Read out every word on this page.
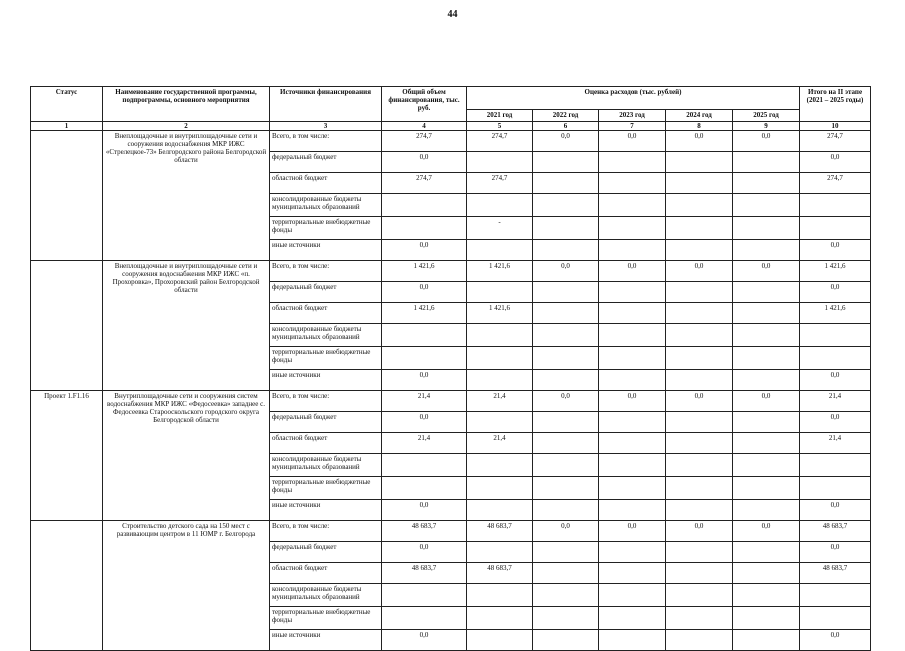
44
Статус	Наименование государственной программы, подпрограммы, основного мероприятия	Источники финансирования	Общий объем финансирования, тыс. руб.	Оценка расходов (тыс. рублей)					Итого на II этапе (2021 – 2025 годы)
				2021 год	2022 год	2023 год	2024 год	2025 год	
1	2	3	4	5	6	7	8	9	10
	Внеплощадочные и внутриплощадочные сети и сооружения водоснабжения МКР ИЖС «Стрелецкое-73» Белгородского района Белгородской области	Всего, в том числе:	274,7	274,7	0,0	0,0	0,0	0,0	274,7
		федеральный бюджет	0,0						0,0
		областной бюджет	274,7	274,7					274,7
		консолидированные бюджеты муниципальных образований							
		территориальные внебюджетные фонды		-					
		иные источники	0,0						0,0
	Внеплощадочные и внутриплощадочные сети и сооружения водоснабжения МКР ИЖС «п. Прохоровка», Прохоровский район Белгородской области	Всего, в том числе:	1 421,6	1 421,6	0,0	0,0	0,0	0,0	1 421,6
		федеральный бюджет	0,0						0,0
		областной бюджет	1 421,6	1 421,6					1 421,6
		консолидированные бюджеты муниципальных образований							
		территориальные внебюджетные фонды							
		иные источники	0,0						0,0
Проект 1.F1.16	Внутриплощадочные сети и сооружения систем водоснабжения МКР ИЖС «Федосеевка» западнее с. Федосеевка Старооскольского городского округа Белгородской области	Всего, в том числе:	21,4	21,4	0,0	0,0	0,0	0,0	21,4
		федеральный бюджет	0,0						0,0
		областной бюджет	21,4	21,4					21,4
		консолидированные бюджеты муниципальных образований							
		территориальные внебюджетные фонды							
		иные источники	0,0						0,0
	Строительство детского сада на 150 мест с развивающим центром в 11 ЮМР г. Белгорода	Всего, в том числе:	48 683,7	48 683,7	0,0	0,0	0,0	0,0	48 683,7
		федеральный бюджет	0,0						0,0
		областной бюджет	48 683,7	48 683,7					48 683,7
		консолидированные бюджеты муниципальных образований							
		территориальные внебюджетные фонды							
		иные источники	0,0						0,0
